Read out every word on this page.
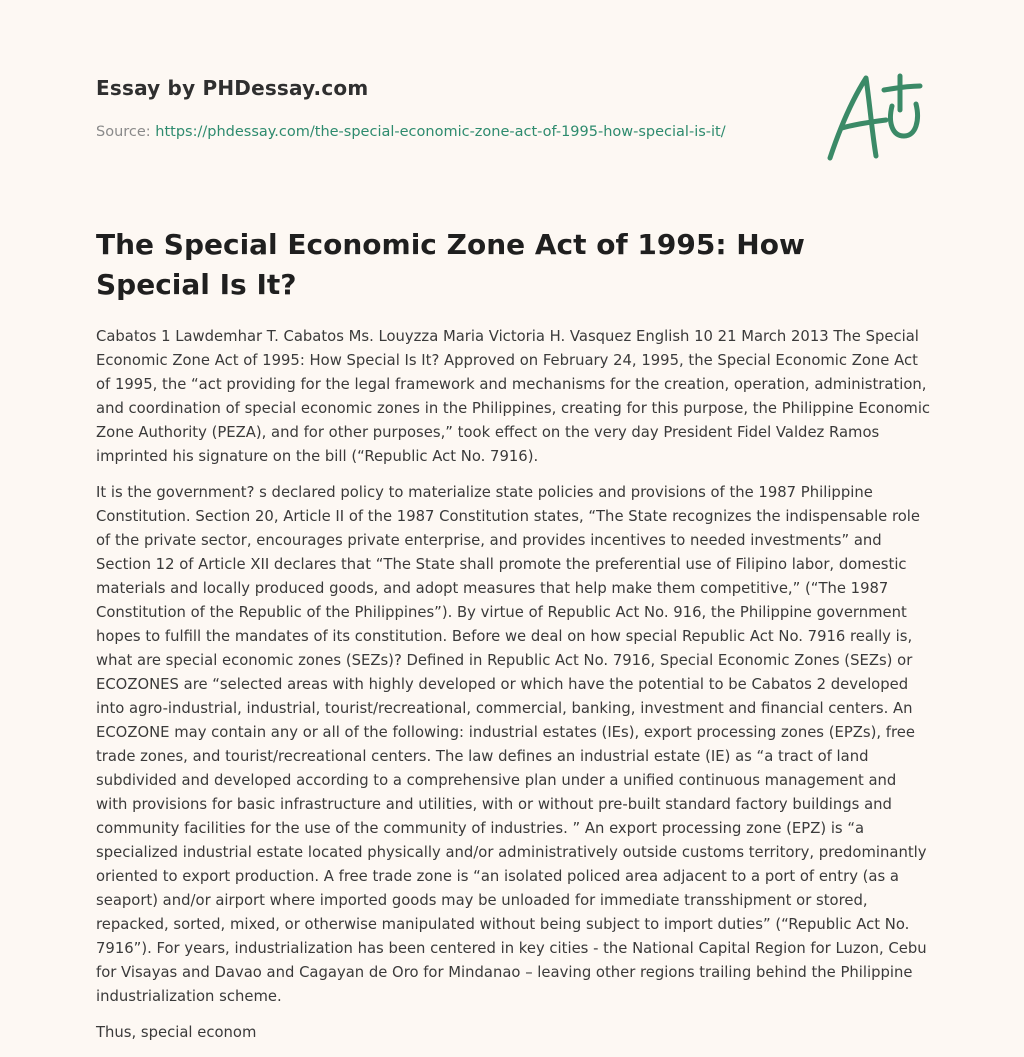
Essay by PHDessay.com
Source: https://phdessay.com/the-special-economic-zone-act-of-1995-how-special-is-it/
The Special Economic Zone Act of 1995: How Special Is It?

Cabatos 1 Lawdemhar T. Cabatos Ms. Louyzza Maria Victoria H. Vasquez English 10 21 March 2013 The Special Economic Zone Act of 1995: How Special Is It? Approved on February 24, 1995, the Special Economic Zone Act of 1995, the “act providing for the legal framework and mechanisms for the creation, operation, administration, and coordination of special economic zones in the Philippines, creating for this purpose, the Philippine Economic Zone Authority (PEZA), and for other purposes,” took effect on the very day President Fidel Valdez Ramos imprinted his signature on the bill (“Republic Act No. 7916).

It is the government? s declared policy to materialize state policies and provisions of the 1987 Philippine Constitution. Section 20, Article II of the 1987 Constitution states, “The State recognizes the indispensable role of the private sector, encourages private enterprise, and provides incentives to needed investments” and Section 12 of Article XII declares that “The State shall promote the preferential use of Filipino labor, domestic materials and locally produced goods, and adopt measures that help make them competitive,” (“The 1987 Constitution of the Republic of the Philippines”). By virtue of Republic Act No. 916, the Philippine government hopes to fulfill the mandates of its constitution. Before we deal on how special Republic Act No. 7916 really is, what are special economic zones (SEZs)? Defined in Republic Act No. 7916, Special Economic Zones (SEZs) or ECOZONES are “selected areas with highly developed or which have the potential to be Cabatos 2 developed into agro-industrial, industrial, tourist/recreational, commercial, banking, investment and financial centers. An ECOZONE may contain any or all of the following: industrial estates (IEs), export processing zones (EPZs), free trade zones, and tourist/recreational centers. The law defines an industrial estate (IE) as “a tract of land subdivided and developed according to a comprehensive plan under a unified continuous management and with provisions for basic infrastructure and utilities, with or without pre-built standard factory buildings and community facilities for the use of the community of industries. ” An export processing zone (EPZ) is “a specialized industrial estate located physically and/or administratively outside customs territory, predominantly oriented to export production. A free trade zone is “an isolated policed area adjacent to a port of entry (as a seaport) and/or airport where imported goods may be unloaded for immediate transshipment or stored, repacked, sorted, mixed, or otherwise manipulated without being subject to import duties” (“Republic Act No. 7916”). For years, industrialization has been centered in key cities - the National Capital Region for Luzon, Cebu for Visayas and Davao and Cagayan de Oro for Mindanao – leaving other regions trailing behind the Philippine industrialization scheme.

Thus, special econom
